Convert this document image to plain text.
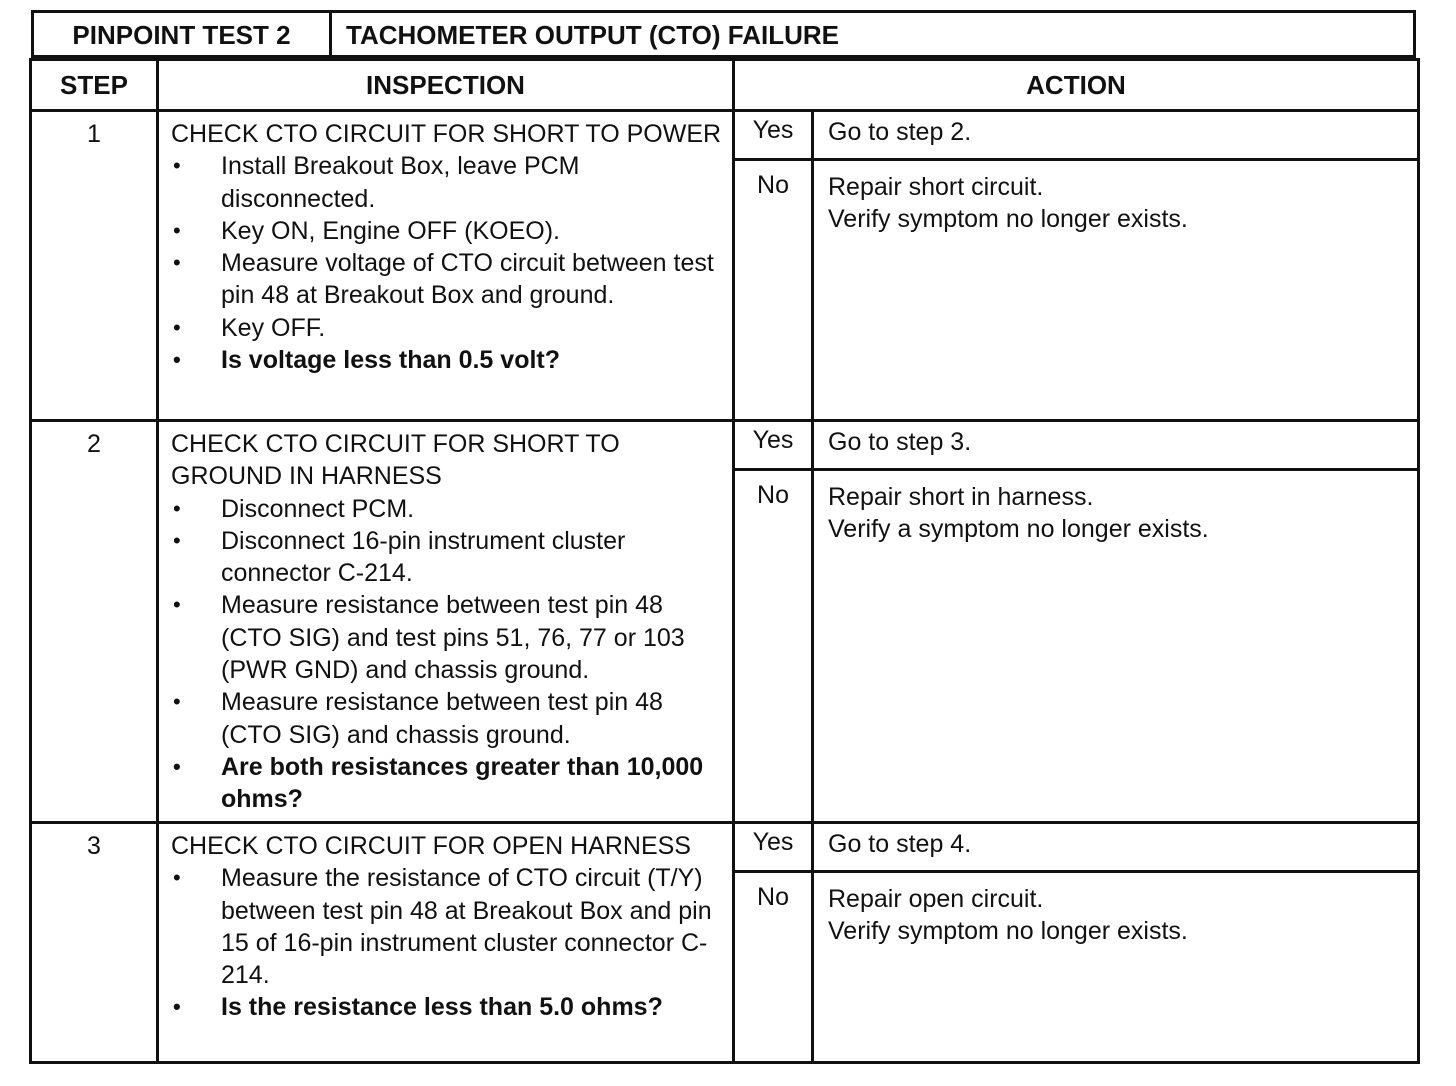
PINPOINT TEST 2	TACHOMETER OUTPUT (CTO) FAILURE
STEP	INSPECTION	ACTION
1	CHECK CTO CIRCUIT FOR SHORT TO POWER
• Install Breakout Box, leave PCM disconnected.
• Key ON, Engine OFF (KOEO).
• Measure voltage of CTO circuit between test pin 48 at Breakout Box and ground.
• Key OFF.
• Is voltage less than 0.5 volt?

Yes	Go to step 2.
No	Repair short circuit.
Verify symptom no longer exists.

2	CHECK CTO CIRCUIT FOR SHORT TO GROUND IN HARNESS
• Disconnect PCM.
• Disconnect 16-pin instrument cluster connector C-214.
• Measure resistance between test pin 48 (CTO SIG) and test pins 51, 76, 77 or 103 (PWR GND) and chassis ground.
• Measure resistance between test pin 48 (CTO SIG) and chassis ground.
• Are both resistances greater than 10,000 ohms?

Yes	Go to step 3.
No	Repair short in harness.
Verify a symptom no longer exists.

3	CHECK CTO CIRCUIT FOR OPEN HARNESS
• Measure the resistance of CTO circuit (T/Y) between test pin 48 at Breakout Box and pin 15 of 16-pin instrument cluster connector C-214.
• Is the resistance less than 5.0 ohms?

Yes	Go to step 4.
No	Repair open circuit.
Verify symptom no longer exists.
